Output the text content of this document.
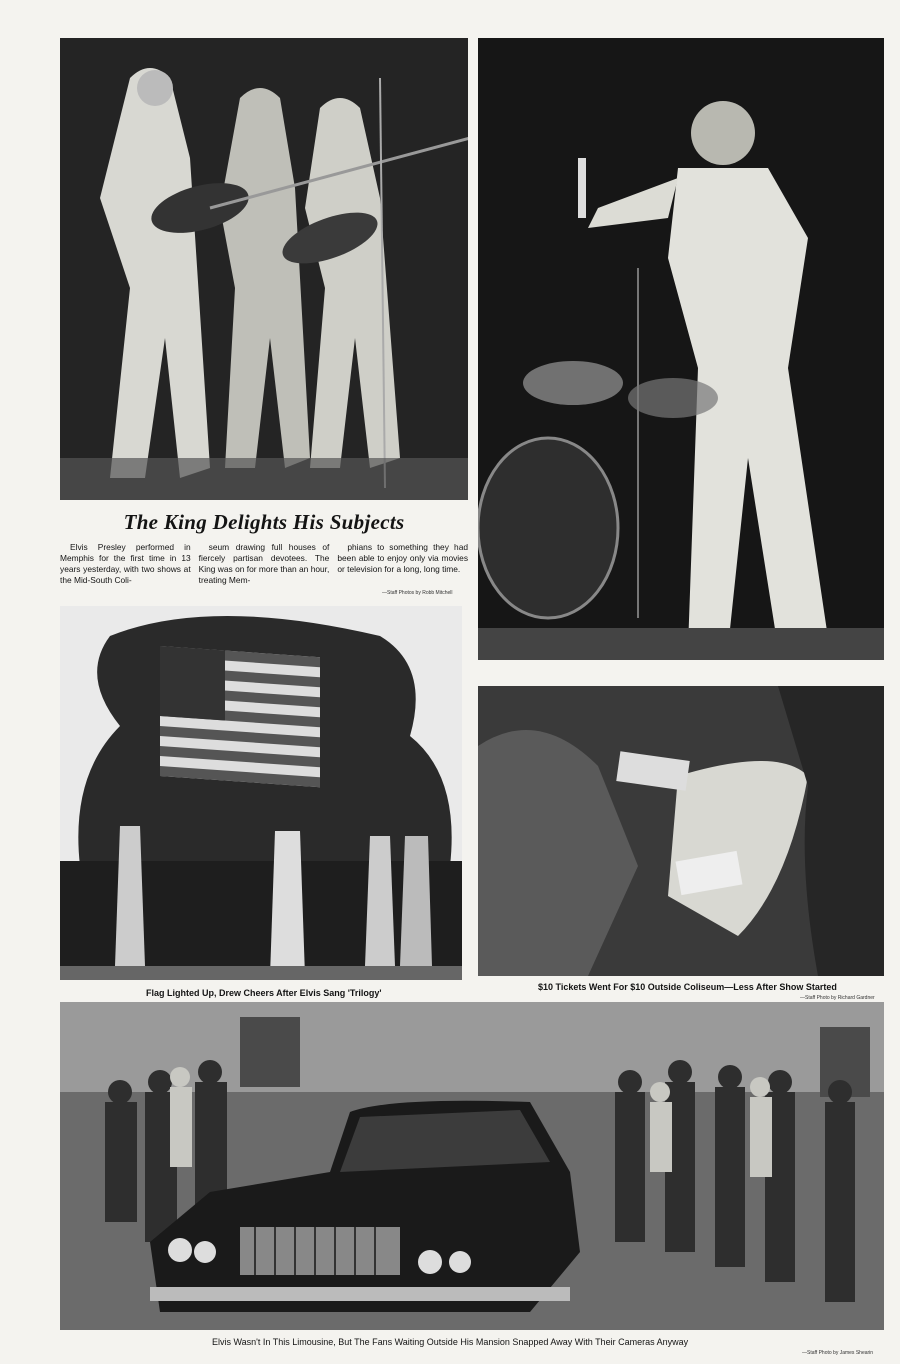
The King Delights His Subjects
Elvis Presley performed in Memphis for the first time in 13 years yesterday, with two shows at the Mid-South Coli-
seum drawing full houses of fiercely partisan devotees. The King was on for more than an hour, treating Mem-
phians to something they had been able to enjoy only via movies or television for a long, long time.
—Staff Photos by Robb Mitchell
Flag Lighted Up, Drew Cheers After Elvis Sang 'Trilogy'
$10 Tickets Went For $10 Outside Coliseum—Less After Show Started
—Staff Photo by Richard Gardner
Elvis Wasn't In This Limousine, But The Fans Waiting Outside His Mansion Snapped Away With Their Cameras Anyway
—Staff Photo by James Shearin
